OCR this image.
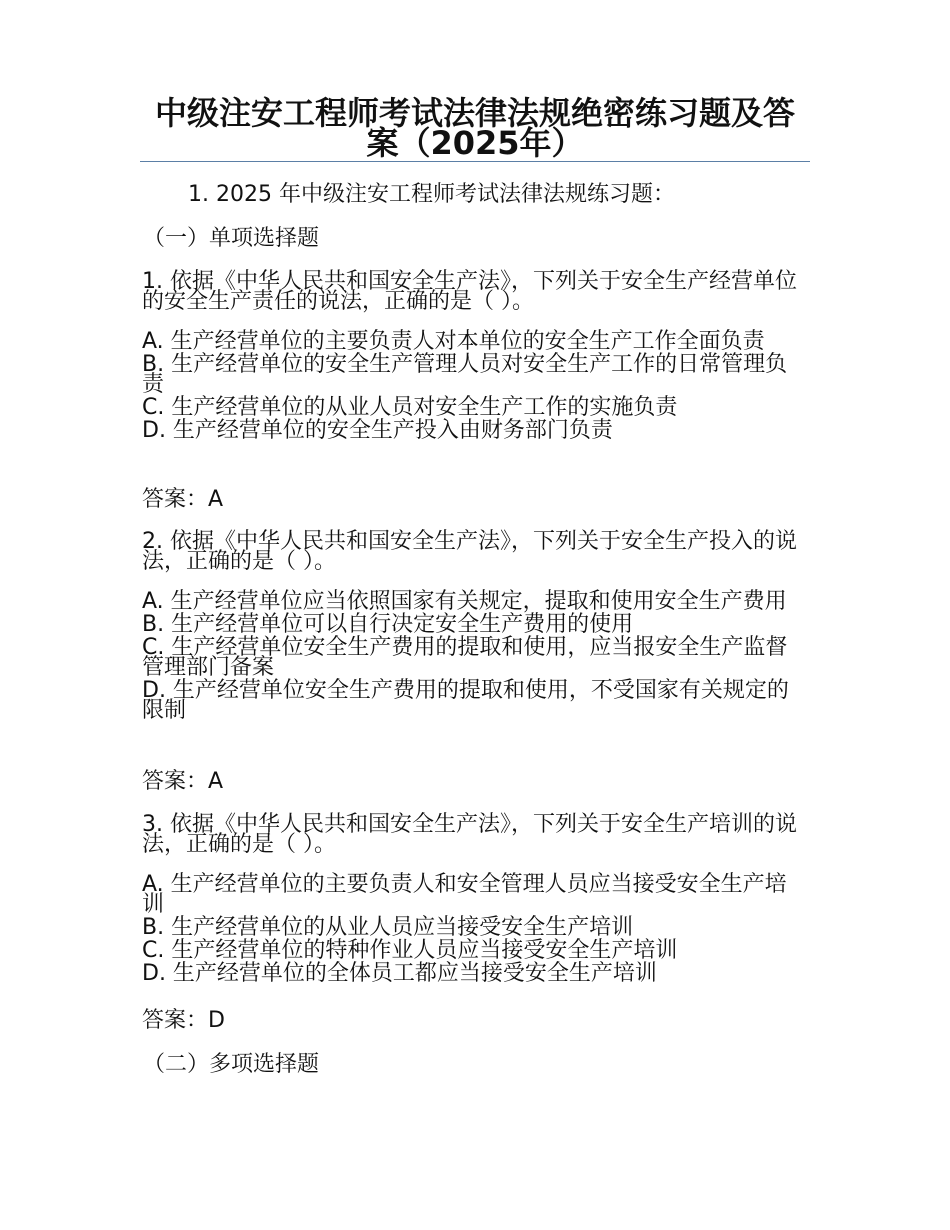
中级注安工程师考试法律法规绝密练习题及答案（2025年）
1. 2025 年中级注安工程师考试法律法规练习题：
（一）单项选择题

1. 依据《中华人民共和国安全生产法》，下列关于安全生产经营单位的安全生产责任的说法，正确的是（ ）。

A. 生产经营单位的主要负责人对本单位的安全生产工作全面负责

B. 生产经营单位的安全生产管理人员对安全生产工作的日常管理负责

C. 生产经营单位的从业人员对安全生产工作的实施负责

D. 生产经营单位的安全生产投入由财务部门负责

答案：A

2. 依据《中华人民共和国安全生产法》，下列关于安全生产投入的说法，正确的是（ ）。

A. 生产经营单位应当依照国家有关规定，提取和使用安全生产费用

B. 生产经营单位可以自行决定安全生产费用的使用

C. 生产经营单位安全生产费用的提取和使用，应当报安全生产监督管理部门备案

D. 生产经营单位安全生产费用的提取和使用，不受国家有关规定的限制

答案：A

3. 依据《中华人民共和国安全生产法》，下列关于安全生产培训的说法，正确的是（ ）。

A. 生产经营单位的主要负责人和安全管理人员应当接受安全生产培训

B. 生产经营单位的从业人员应当接受安全生产培训

C. 生产经营单位的特种作业人员应当接受安全生产培训

D. 生产经营单位的全体员工都应当接受安全生产培训

答案：D
（二）多项选择题
